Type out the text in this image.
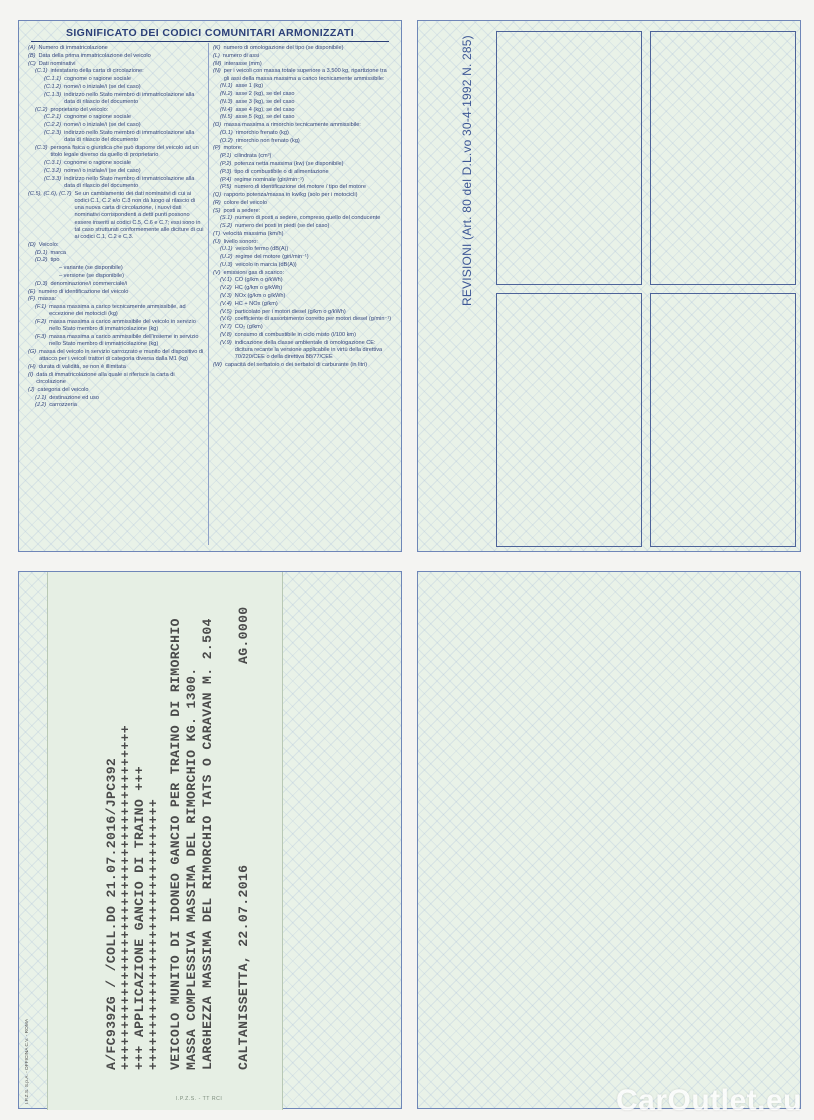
SIGNIFICATO DEI CODICI COMUNITARI ARMONIZZATI
(A) Numero di immatricolazione
(B) Data della prima immatricolazione del veicolo
(C) Dati nominativi
(C.1) intestatario della carta di circolazione:
(C.1.1) cognome o ragione sociale
(C.1.2) nome/i o iniziale/i (se del caso)
(C.1.3) indirizzo nello Stato membro di immatricolazione alla data di rilascio del documento
(C.2) proprietario del veicolo:
(C.2.1) cognome o ragione sociale
(C.2.2) nome/i o iniziale/i (se del caso)
(C.2.3) indirizzo nello Stato membro di immatricolazione alla data di rilascio del documento
(C.3) persona fisica o giuridica che può disporre del veicolo ad un titolo legale diverso da quello di proprietario
(C.3.1) cognome o ragione sociale
(C.3.2) nome/i o iniziale/i (se del caso)
(C.3.3) indirizzo nello Stato membro di immatricolazione alla data di rilascio del documento
(C.5), (C.6), (C.7) Se un cambiamento dei dati nominativi di cui ai codici C.1, C.2 e/o C.3 non dà luogo al rilascio di una nuova carta di circolazione, i nuovi dati nominativi corrispondenti a detti punti possono essere inseriti ai codici C.5, C.6 e C.7; essi sono in tal caso strutturati conformemente alle diciture di cui ai codici C.1, C.2 e C.3.
(D) Veicolo:
(D.1) marca
(D.2) tipo
– variante (se disponibile)
– versione (se disponibile)
(D.3) denominazione/i commerciale/i
(E) numero di identificazione del veicolo
(F) massa:
(F.1) massa massima a carico tecnicamente ammissibile, ad eccezione dei motocicli (kg)
(F.2) massa massima a carico ammissibile del veicolo in servizio nello Stato membro di immatricolazione (kg)
(F.3) massa massima a carico ammissibile dell'insieme in servizio nello Stato membro di immatricolazione (kg)
(G) massa del veicolo in servizio carrozzato e munito del dispositivo di attacco per i veicoli trattori di categoria diversa dalla M1 (kg)
(H) durata di validità, se non è illimitata
(I) data di immatricolazione alla quale si riferisce la carta di circolazione
(J) categoria del veicolo
(J.1) destinazione ed uso
(J.2) carrozzeria
(K) numero di omologazione del tipo (se disponibile)
(L) numero di assi
(M) interasse (mm)
(N) per i veicoli con massa totale superiore a 3.500 kg, ripartizione tra gli assi della massa massima a carico tecnicamente ammissibile:
(N.1) asse 1 (kg)
(N.2) asse 2 (kg), se del caso
(N.3) asse 3 (kg), se del caso
(N.4) asse 4 (kg), se del caso
(N.5) asse 5 (kg), se del caso
(O) massa massima a rimorchio tecnicamente ammissibile:
(O.1) rimorchio frenato (kg)
(O.2) rimorchio non frenato (kg)
(P) motore:
(P.1) cilindrata (cm³)
(P.2) potenza netta massima (kw) (se disponibile)
(P.3) tipo di combustibile o di alimentazione
(P.4) regime nominale (giri/min⁻¹)
(P.5) numero di identificazione del motore / tipo del motore
(Q) rapporto potenza/massa in kw/kg (solo per i motocicli)
(R) colore del veicolo
(S) posti a sedere:
(S.1) numero di posti a sedere, compreso quello del conducente
(S.2) numero dei posti in piedi (se del caso)
(T) velocità massima (km/h)
(U) livello sonoro:
(U.1) veicolo fermo (dB(A))
(U.2) regime del motore (giri/min⁻¹)
(U.3) veicolo in marcia (dB(A))
(V) emissioni gas di scarico:
(V.1) CO (g/km o g/kWh)
(V.2) HC (g/km o g/kWh)
(V.3) NOx (g/km o g/kWh)
(V.4) HC + NOx (g/km)
(V.5) particolato per i motori diesel (g/km o g/kWh)
(V.6) coefficiente di assorbimento corretto per motori diesel (g/min⁻¹)
(V.7) CO₂ (g/km)
(V.8) consumo di combustibile in ciclo misto (l/100 km)
(V.9) indicazione della classe ambientale di omologazione CE: dicitura recante la versione applicabile in virtù della direttiva 70/220/CEE o della direttiva 88/77/CEE
(W) capacità del serbatoio o dei serbatoi di carburante (in litri)
REVISIONI (Art. 80 del D.L.vo 30-4-1992 N. 285)
I.P.Z.S. S.p.A. - OFFICINA C.V. - ROMA	A/FC939ZG / /COLL.DO 21.07.2016/JPC392 ++++++++++++++++++++++++++++++++++++++++++ +++ APPLICAZIONE GANCIO DI TRAINO +++ +++++++++++++++++++++++++++++++++ VEICOLO MUNITO DI IDONEO GANCIO PER TRAINO DI RIMORCHIO MASSA COMPLESSIVA MASSIMA DEL RIMORCHIO KG. 1300. LARGHEZZA MASSIMA DEL RIMORCHIO TATS O CARAVAN M. 2.504 CALTANISSETTA, 22.07.2016
AG.0000
I.P.Z.S. - TT RCI	CarOutlet.eu
